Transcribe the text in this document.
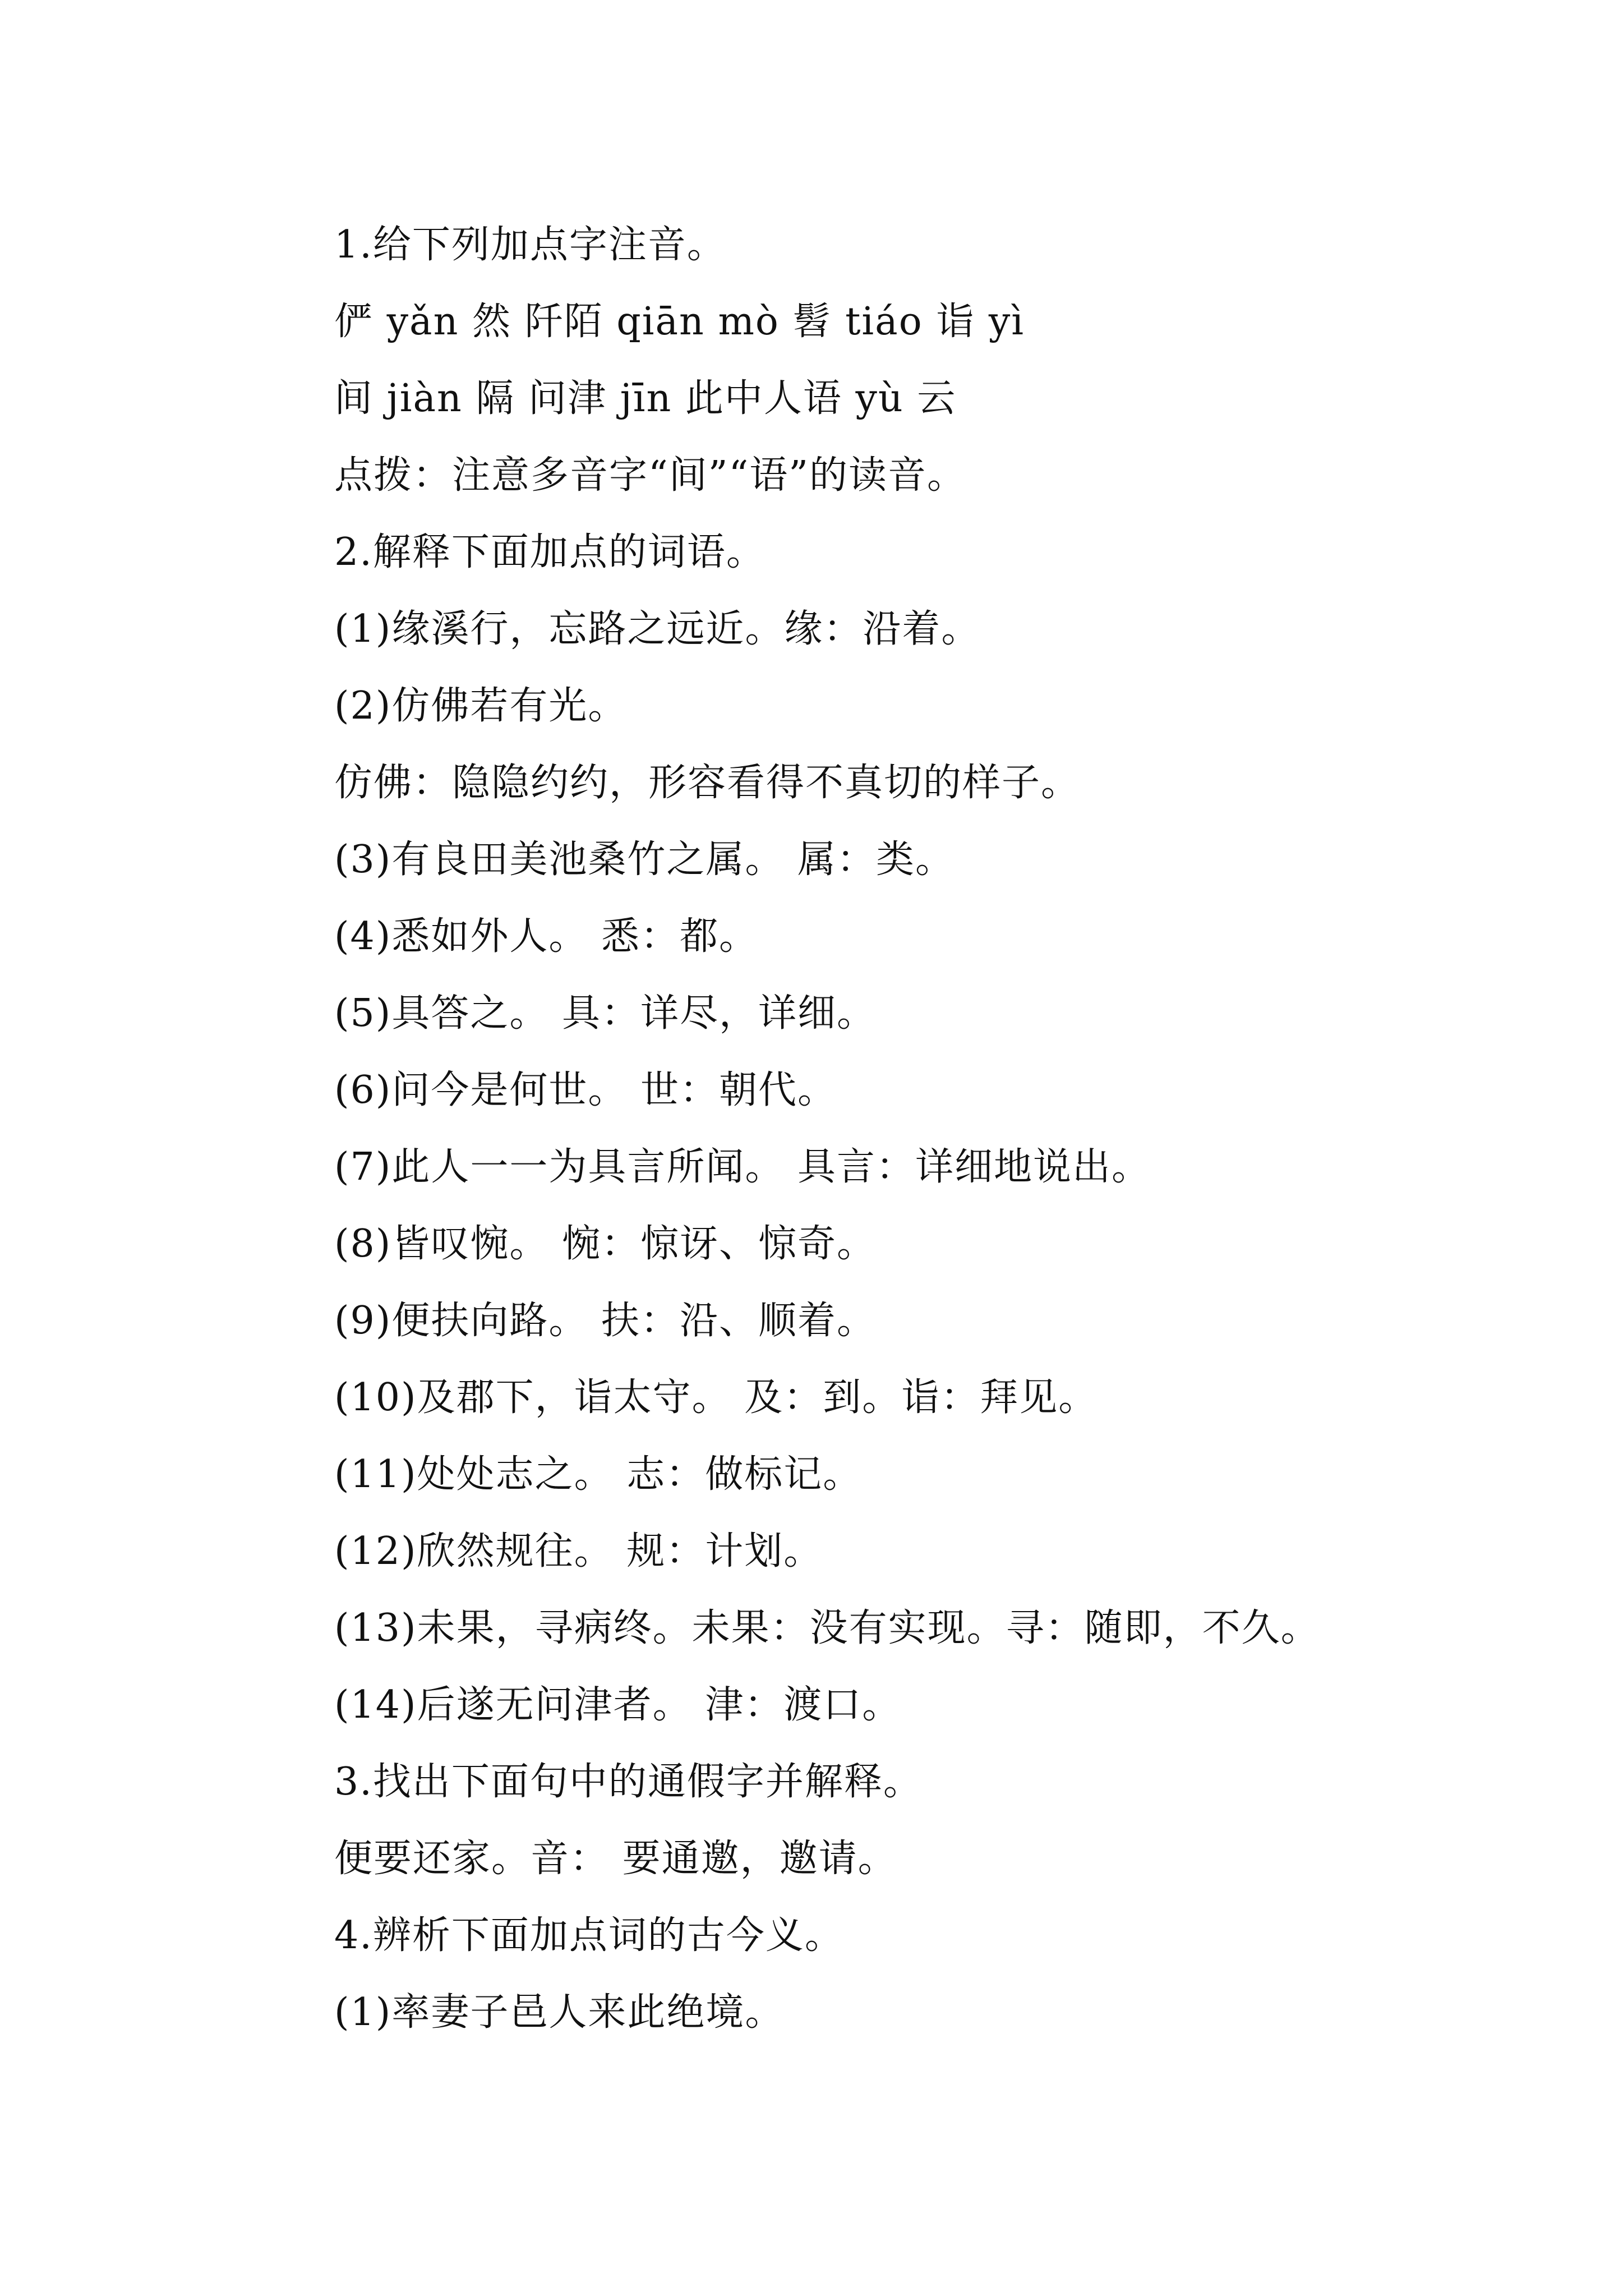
1.给下列加点字注音。
俨 yǎn 然 阡陌 qiān mò 髫 tiáo 诣 yì
间 jiàn 隔 问津 jīn 此中人语 yù 云
点拨：注意多音字“间”“语”的读音。
2.解释下面加点的词语。
(1)缘溪行，忘路之远近。缘：沿着。
(2)仿佛若有光。
仿佛：隐隐约约，形容看得不真切的样子。
(3)有良田美池桑竹之属。 属：类。
(4)悉如外人。 悉：都。
(5)具答之。 具：详尽，详细。
(6)问今是何世。 世：朝代。
(7)此人一一为具言所闻。 具言：详细地说出。
(8)皆叹惋。 惋：惊讶、惊奇。
(9)便扶向路。 扶：沿、顺着。
(10)及郡下，诣太守。 及：到。诣：拜见。
(11)处处志之。 志：做标记。
(12)欣然规往。 规：计划。
(13)未果，寻病终。未果：没有实现。寻：随即，不久。
(14)后遂无问津者。 津：渡口。
3.找出下面句中的通假字并解释。
便要还家。音： 要通邀，邀请。
4.辨析下面加点词的古今义。
(1)率妻子邑人来此绝境。
